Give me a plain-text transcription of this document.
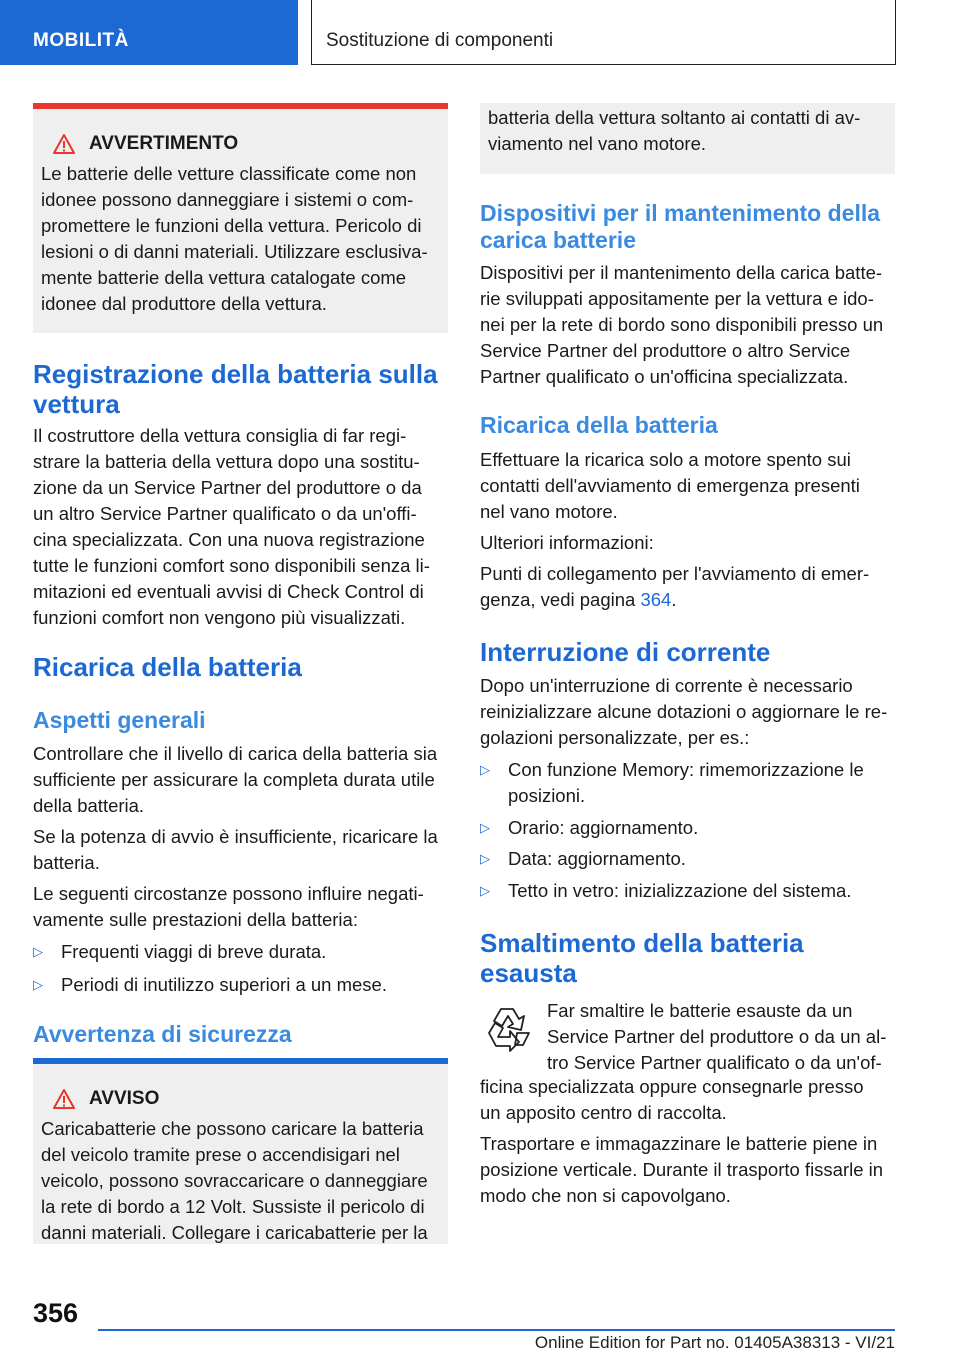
MOBILITÀ	Sostituzione di componenti
AVVERTIMENTO

Le batterie delle vetture classificate come non

idonee possono danneggiare i sistemi o com-

promettere le funzioni della vettura. Pericolo di

lesioni o di danni materiali. Utilizzare esclusiva-

mente batterie della vettura catalogate come

idonee dal produttore della vettura.

Registrazione della batteria sulla
vettura

Il costruttore della vettura consiglia di far regi-

strare la batteria della vettura dopo una sostitu-

zione da un Service Partner del produttore o da

un altro Service Partner qualificato o da un'offi-

cina specializzata. Con una nuova registrazione

tutte le funzioni comfort sono disponibili senza li-

mitazioni ed eventuali avvisi di Check Control di

funzioni comfort non vengono più visualizzati.

Ricarica della batteria
Aspetti generali

Controllare che il livello di carica della batteria sia

sufficiente per assicurare la completa durata utile

della batteria.

Se la potenza di avvio è insufficiente, ricaricare la

batteria.

Le seguenti circostanze possono influire negati-

vamente sulle prestazioni della batteria:

▷ Frequenti viaggi di breve durata.
▷ Periodi di inutilizzo superiori a un mese.
Avvertenza di sicurezza
AVVISO

Caricabatterie che possono caricare la batteria

del veicolo tramite prese o accendisigari nel

veicolo, possono sovraccaricare o danneggiare

la rete di bordo a 12 Volt. Sussiste il pericolo di

danni materiali. Collegare i caricabatterie per la

batteria della vettura soltanto ai contatti di av-

viamento nel vano motore.

Dispositivi per il mantenimento della
carica batterie

Dispositivi per il mantenimento della carica batte-

rie sviluppati appositamente per la vettura e ido-

nei per la rete di bordo sono disponibili presso un

Service Partner del produttore o altro Service

Partner qualificato o un'officina specializzata.

Ricarica della batteria

Effettuare la ricarica solo a motore spento sui

contatti dell'avviamento di emergenza presenti

nel vano motore.

Ulteriori informazioni:

Punti di collegamento per l'avviamento di emer-

genza, vedi pagina 364.

Interruzione di corrente

Dopo un'interruzione di corrente è necessario

reinizializzare alcune dotazioni o aggiornare le re-

golazioni personalizzate, per es.:

▷ Con funzione Memory: rimemorizzazione le
posizioni.
▷ Orario: aggiornamento.
▷ Data: aggiornamento.
▷ Tetto in vetro: inizializzazione del sistema.
Smaltimento della batteria
esausta

Far smaltire le batterie esauste da un

Service Partner del produttore o da un al-

tro Service Partner qualificato o da un'of-

ficina specializzata oppure consegnarle presso

un apposito centro di raccolta.

Trasportare e immagazzinare le batterie piene in

posizione verticale. Durante il trasporto fissarle in

modo che non si capovolgano.

356
Online Edition for Part no. 01405A38313 - VI/21
